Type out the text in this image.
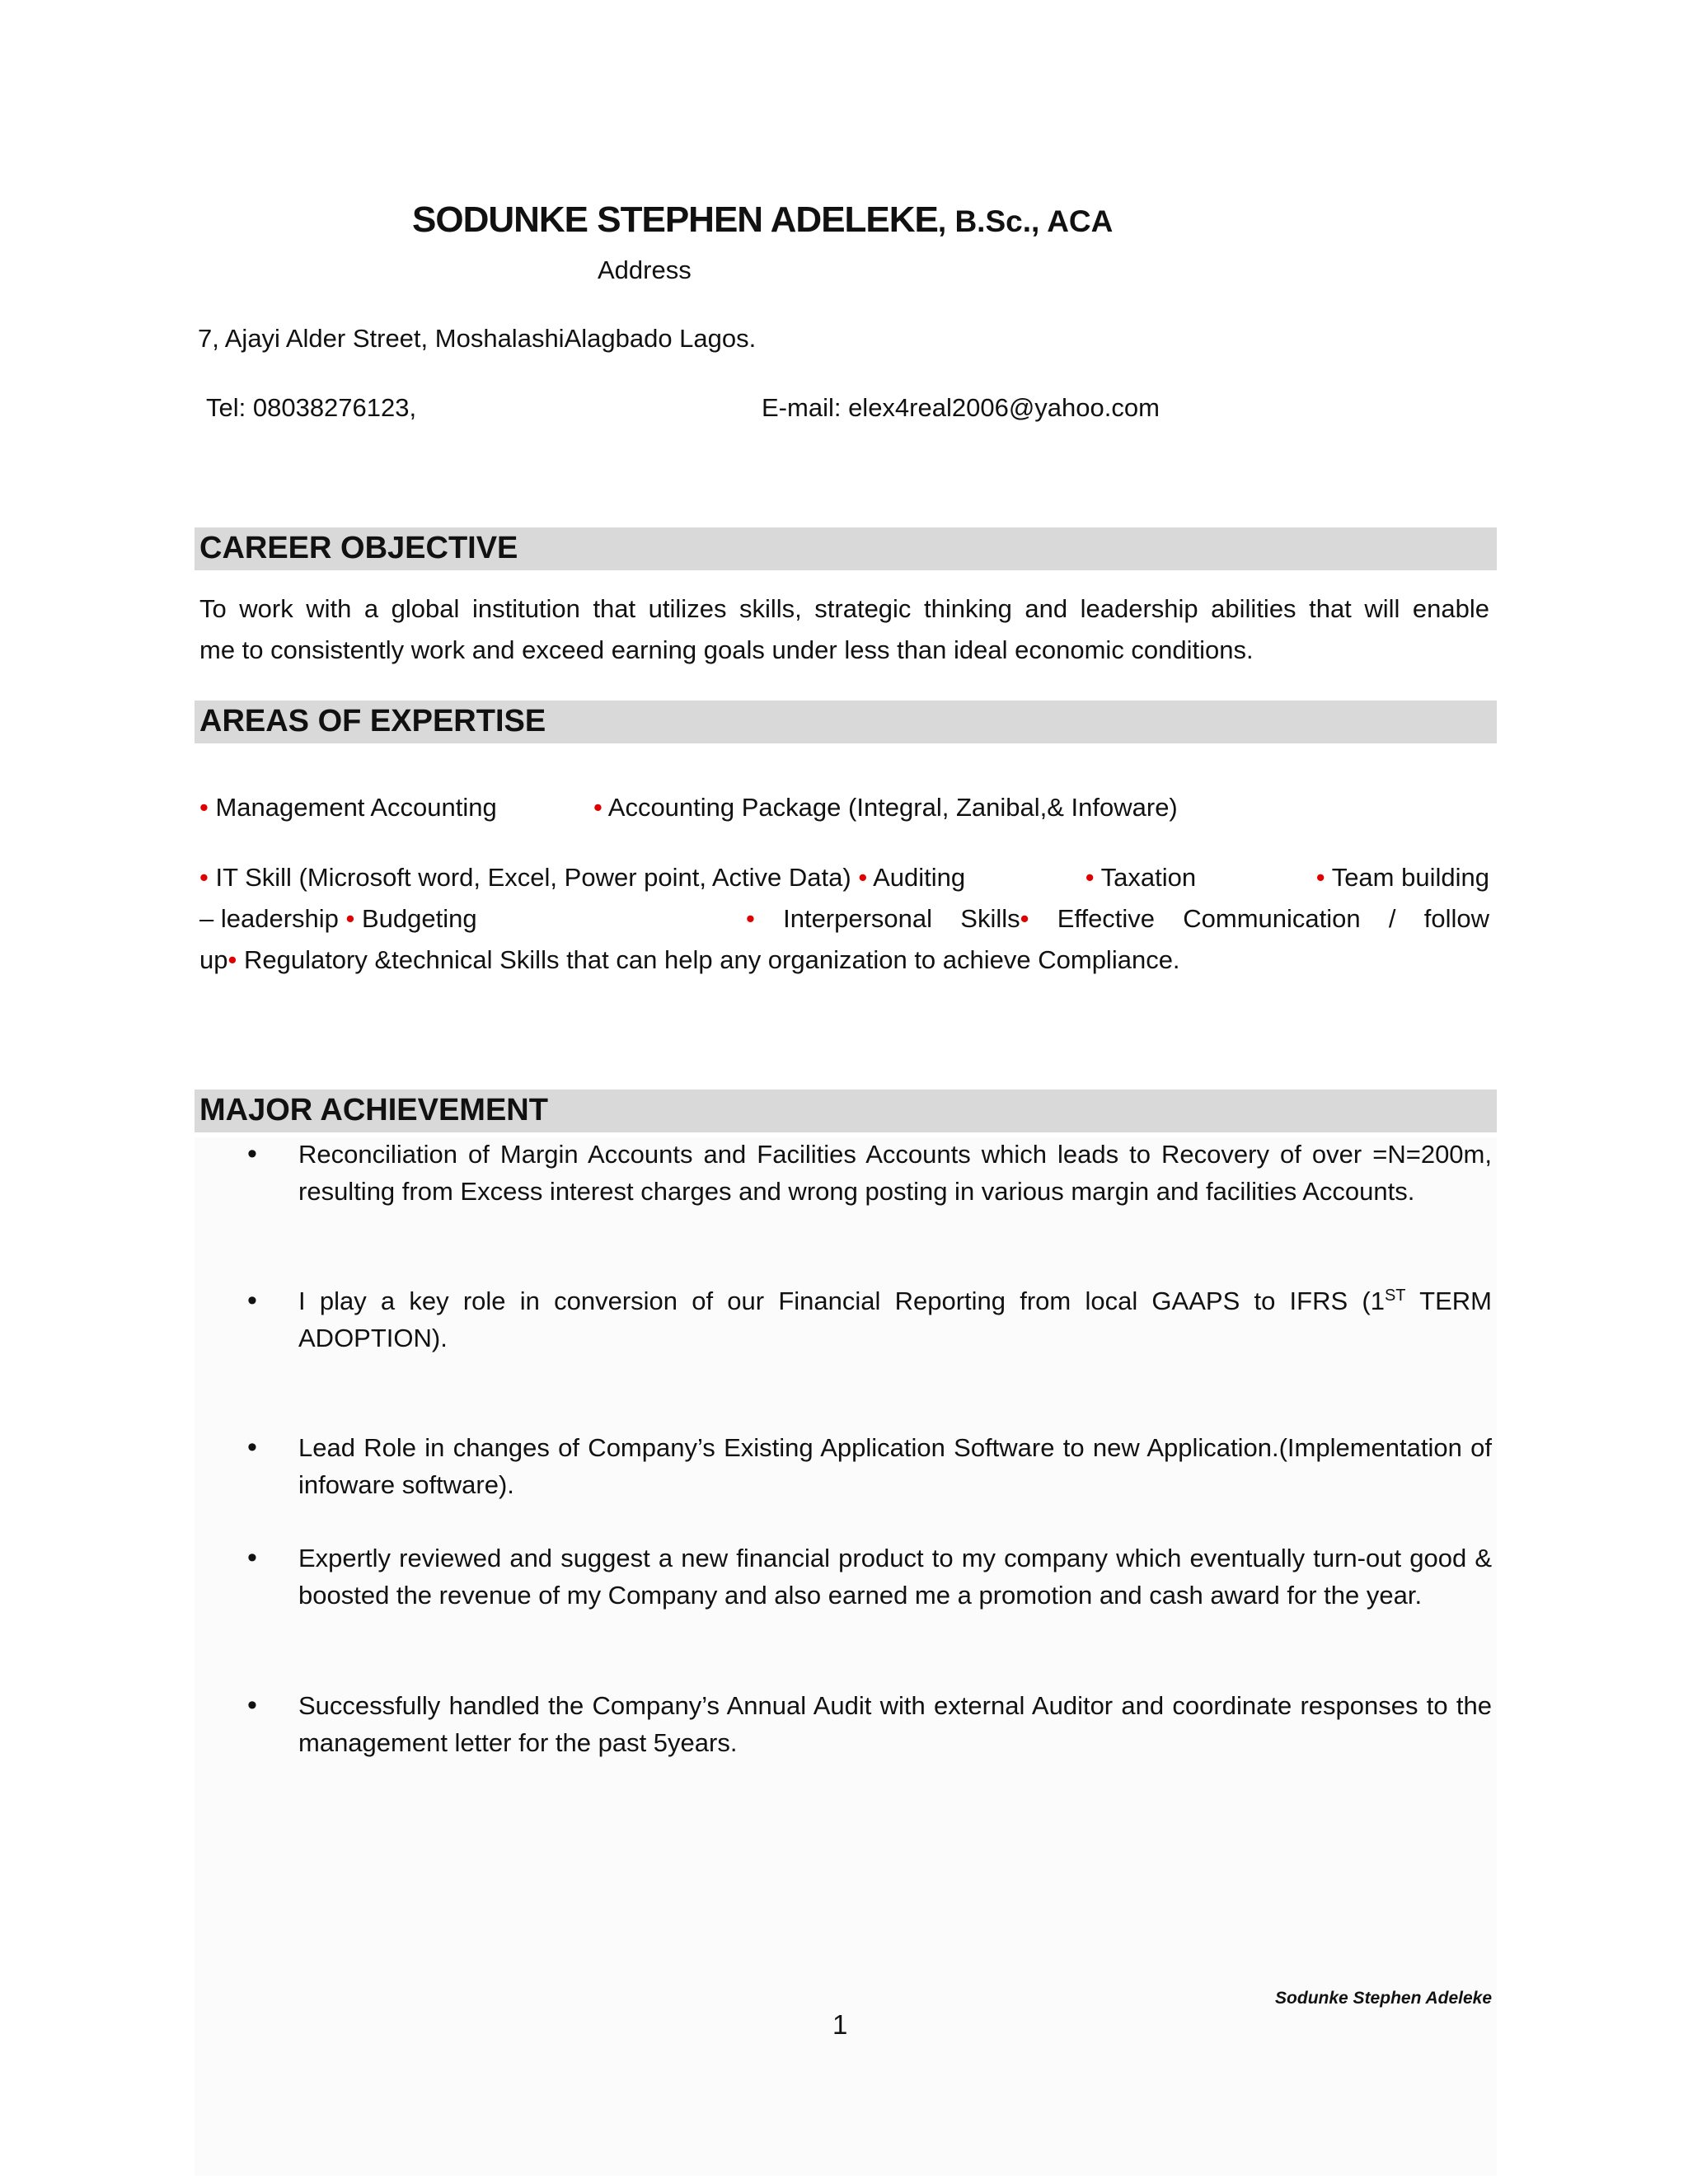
SODUNKE STEPHEN ADELEKE, B.Sc., ACA
Address
7, Ajayi Alder Street, MoshalashiAlagbado Lagos.
Tel: 08038276123,	E-mail: elex4real2006@yahoo.com
CAREER OBJECTIVE
To work with a global institution that utilizes skills, strategic thinking and leadership abilities that will enable
me to consistently work and exceed earning goals under less than ideal economic conditions.
AREAS OF EXPERTISE
• Management Accounting	• Accounting Package (Integral, Zanibal,& Infoware)
• IT Skill (Microsoft word, Excel, Power point, Active Data) • Auditing	• Taxation	• Team building
– leadership • Budgeting	• Interpersonal Skills• Effective Communication / follow
up• Regulatory &technical Skills that can help any organization to achieve Compliance.
MAJOR ACHIEVEMENT
• Reconciliation of Margin Accounts and Facilities Accounts which leads to Recovery of over =N=200m, resulting from Excess interest charges and wrong posting in various margin and facilities Accounts.
• I play a key role in conversion of our Financial Reporting from local GAAPS to IFRS (1ST TERM ADOPTION).
• Lead Role in changes of Company’s Existing Application Software to new Application.(Implementation of infoware software).
• Expertly reviewed and suggest a new financial product to my company which eventually turn-out good & boosted the revenue of my Company and also earned me a promotion and cash award for the year.
• Successfully handled the Company’s Annual Audit with external Auditor and coordinate responses to the management letter for the past 5years.
Sodunke Stephen Adeleke
1
